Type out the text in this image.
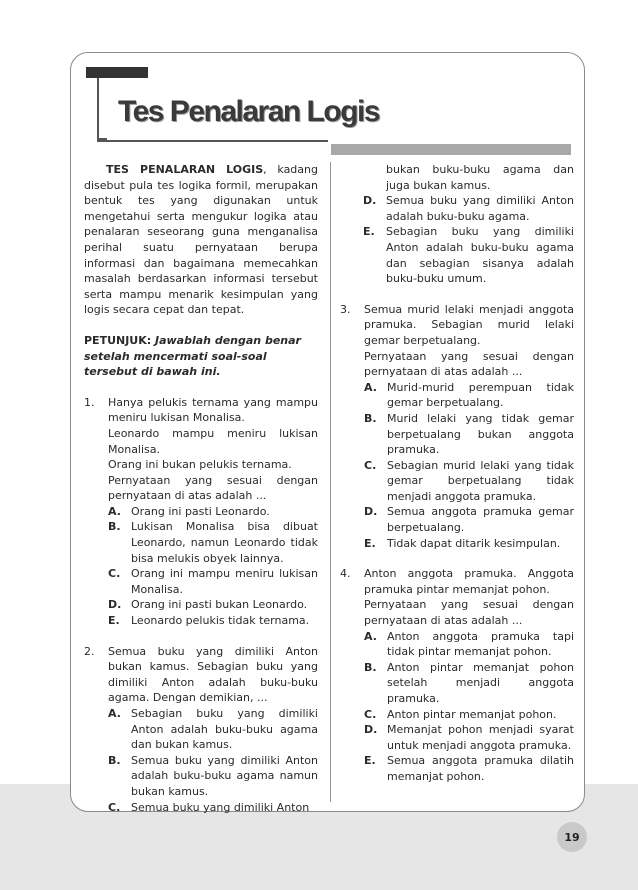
Tes Penalaran Logis

TES PENALARAN LOGIS, kadang disebut pula tes logika formil, merupakan bentuk tes yang digunakan untuk mengetahui serta mengukur logika atau penalaran seseorang guna menganalisa perihal suatu pernyataan berupa informasi dan bagaimana memecahkan masalah berdasarkan informasi tersebut serta mampu menarik kesimpulan yang logis secara cepat dan tepat.

PETUNJUK: Jawablah dengan benar setelah mencermati soal-soal tersebut di bawah ini.

1.	Hanya pelukis ternama yang mampu meniru lukisan Monalisa.

Leonardo mampu meniru lukisan Monalisa.

Orang ini bukan pelukis ternama.

Pernyataan yang sesuai dengan pernyataan di atas adalah ...

A. Orang ini pasti Leonardo.
B. Lukisan Monalisa bisa dibuat Leonardo, namun Leonardo tidak bisa melukis obyek lainnya.
C. Orang ini mampu meniru lukisan Monalisa.
D. Orang ini pasti bukan Leonardo.
E.	Leonardo pelukis tidak ternama.
2.	Semua buku yang dimiliki Anton bukan kamus. Sebagian buku yang dimiliki Anton adalah buku-buku agama. Dengan demikian, ...

A. Sebagian buku yang dimiliki Anton adalah buku-buku agama dan bukan kamus.
B. Semua buku yang dimiliki Anton adalah buku-buku agama namun bukan kamus.
C. Semua buku yang dimiliki Anton

bukan buku-buku agama dan juga bukan kamus.

D. Semua buku yang dimiliki Anton adalah buku-buku agama.
E.	Sebagian buku yang dimiliki Anton adalah buku-buku agama dan sebagian sisanya adalah buku-buku umum.
3.	Semua murid lelaki menjadi anggota pramuka. Sebagian murid lelaki gemar berpetualang.

Pernyataan yang sesuai dengan pernyataan di atas adalah ...

A. Murid-murid perempuan tidak gemar berpetualang.
B. Murid lelaki yang tidak gemar berpetualang bukan anggota pramuka.
C. Sebagian murid lelaki yang tidak gemar berpetualang tidak menjadi anggota pramuka.
D. Semua anggota pramuka gemar berpetualang.
E.	Tidak dapat ditarik kesimpulan.
4.	Anton anggota pramuka. Anggota pramuka pintar memanjat pohon.

Pernyataan yang sesuai dengan pernyataan di atas adalah ...

A. Anton anggota pramuka tapi tidak pintar memanjat pohon.
B. Anton pintar memanjat pohon setelah menjadi anggota pramuka.
C. Anton pintar memanjat pohon.
D. Memanjat pohon menjadi syarat untuk menjadi anggota pramuka.
E.	Semua anggota pramuka dilatih memanjat pohon.
19
